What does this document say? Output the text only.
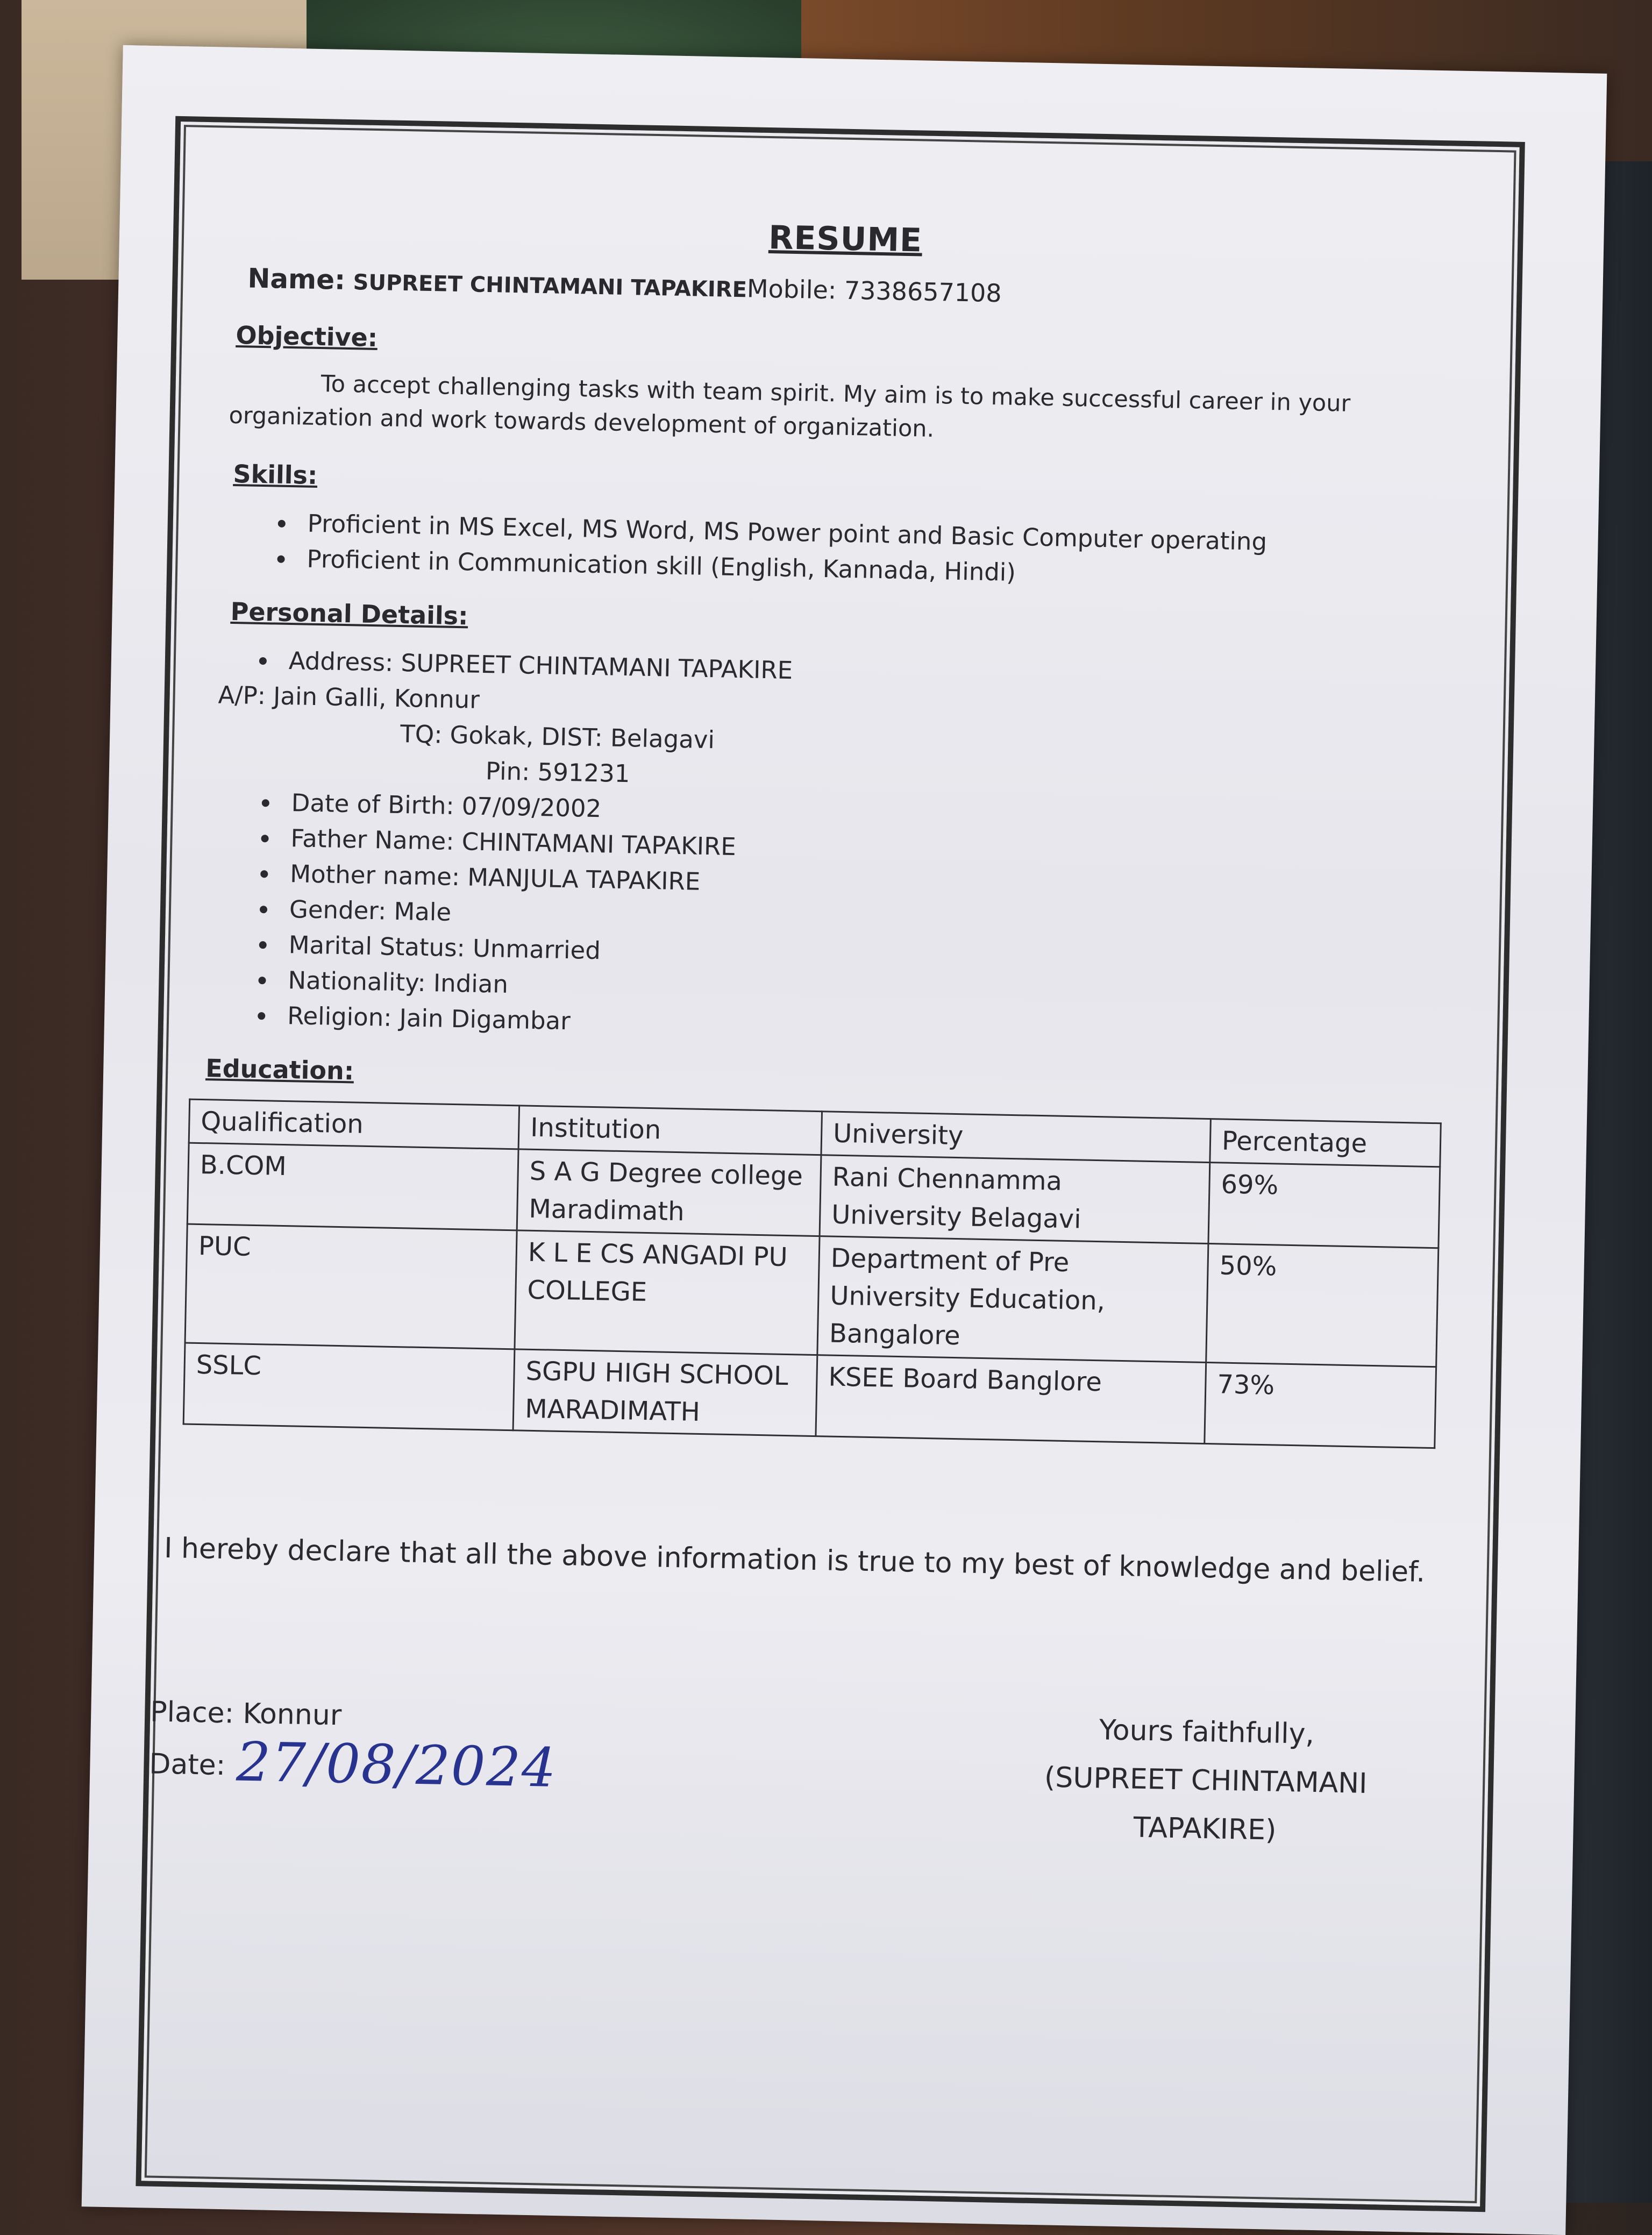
RESUME
Name: SUPREET CHINTAMANI TAPAKIREMobile: 7338657108
Objective:
To accept challenging tasks with team spirit. My aim is to make successful career in your organization and work towards development of organization.
Skills:
• Proficient in MS Excel, MS Word, MS Power point and Basic Computer operating
• Proficient in Communication skill (English, Kannada, Hindi)
Personal Details:
• Address: SUPREET CHINTAMANI TAPAKIRE
A/P: Jain Galli, Konnur
TQ: Gokak, DIST: Belagavi
Pin: 591231
• Date of Birth: 07/09/2002
• Father Name: CHINTAMANI TAPAKIRE
• Mother name: MANJULA TAPAKIRE
• Gender: Male
• Marital Status: Unmarried
• Nationality: Indian
• Religion: Jain Digambar
Education:
Qualification	Institution	University	Percentage
B.COM	S A G Degree college Maradimath	Rani Chennamma University Belagavi	69%
PUC	K L E CS ANGADI PU COLLEGE	Department of Pre University Education, Bangalore	50%
SSLC	SGPU HIGH SCHOOL MARADIMATH	KSEE Board Banglore	73%
I hereby declare that all the above information is true to my best of knowledge and belief.
Place: Konnur
Date: 27/08/2024	Yours faithfully,
(SUPREET CHINTAMANI TAPAKIRE)
